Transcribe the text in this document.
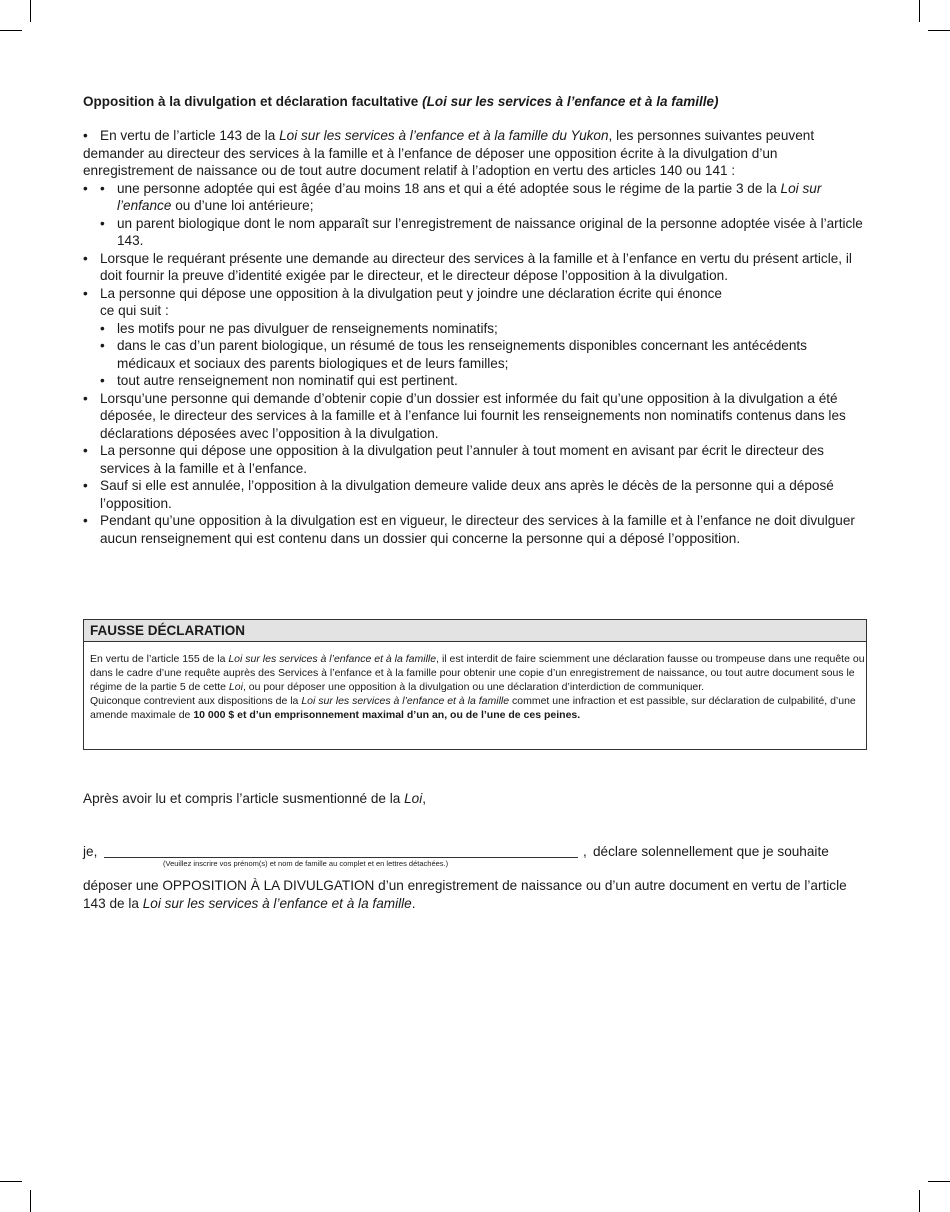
Opposition à la divulgation et déclaration facultative (Loi sur les services à l’enfance et à la famille)

• En vertu de l’article 143 de la Loi sur les services à l’enfance et à la famille du Yukon, les personnes suivantes peuvent demander au directeur des services à la famille et à l’enfance de déposer une opposition écrite à la divulgation d’un enregistrement de naissance ou de tout autre document relatif à l’adoption en vertu des articles 140 ou 141 :

• • une personne adoptée qui est âgée d’au moins 18 ans et qui a été adoptée sous le régime de la partie 3 de la Loi sur l’enfance ou d’une loi antérieure;
• un parent biologique dont le nom apparaît sur l’enregistrement de naissance original de la personne adoptée visée à l’article 143.
• Lorsque le requérant présente une demande au directeur des services à la famille et à l’enfance en vertu du présent article, il doit fournir la preuve d’identité exigée par le directeur, et le directeur dépose l’opposition à la divulgation.
• La personne qui dépose une opposition à la divulgation peut y joindre une déclaration écrite qui énonce
ce qui suit :
• les motifs pour ne pas divulguer de renseignements nominatifs;
• dans le cas d’un parent biologique, un résumé de tous les renseignements disponibles concernant les antécédents médicaux et sociaux des parents biologiques et de leurs familles;
• tout autre renseignement non nominatif qui est pertinent.
• Lorsqu’une personne qui demande d’obtenir copie d’un dossier est informée du fait qu’une opposition à la divulgation a été déposée, le directeur des services à la famille et à l’enfance lui fournit les renseignements non nominatifs contenus dans les déclarations déposées avec l’opposition à la divulgation.
• La personne qui dépose une opposition à la divulgation peut l’annuler à tout moment en avisant par écrit le directeur des services à la famille et à l’enfance.
• Sauf si elle est annulée, l’opposition à la divulgation demeure valide deux ans après le décès de la personne qui a déposé l’opposition.
• Pendant qu’une opposition à la divulgation est en vigueur, le directeur des services à la famille et à l’enfance ne doit divulguer aucun renseignement qui est contenu dans un dossier qui concerne la personne qui a déposé l’opposition.
FAUSSE DÉCLARATION

En vertu de l’article 155 de la Loi sur les services à l’enfance et à la famille, il est interdit de faire sciemment une déclaration fausse ou trompeuse dans une requête ou dans le cadre d’une requête auprès des Services à l’enfance et à la famille pour obtenir une copie d’un enregistrement de naissance, ou tout autre document sous le régime de la partie 5 de cette Loi, ou pour déposer une opposition à la divulgation ou une déclaration d’interdiction de communiquer.

Quiconque contrevient aux dispositions de la Loi sur les services à l’enfance et à la famille commet une infraction et est passible, sur déclaration de culpabilité, d’une amende maximale de 10 000 $ et d’un emprisonnement maximal d’un an, ou de l’une de ces peines.

Après avoir lu et compris l’article susmentionné de la Loi,
je,	, déclare solennellement que je souhaite
(Veuillez inscrire vos prénom(s) et nom de famille au complet et en lettres détachées.)
déposer une OPPOSITION À LA DIVULGATION d’un enregistrement de naissance ou d’un autre document en vertu de l’article 143 de la Loi sur les services à l’enfance et à la famille.
